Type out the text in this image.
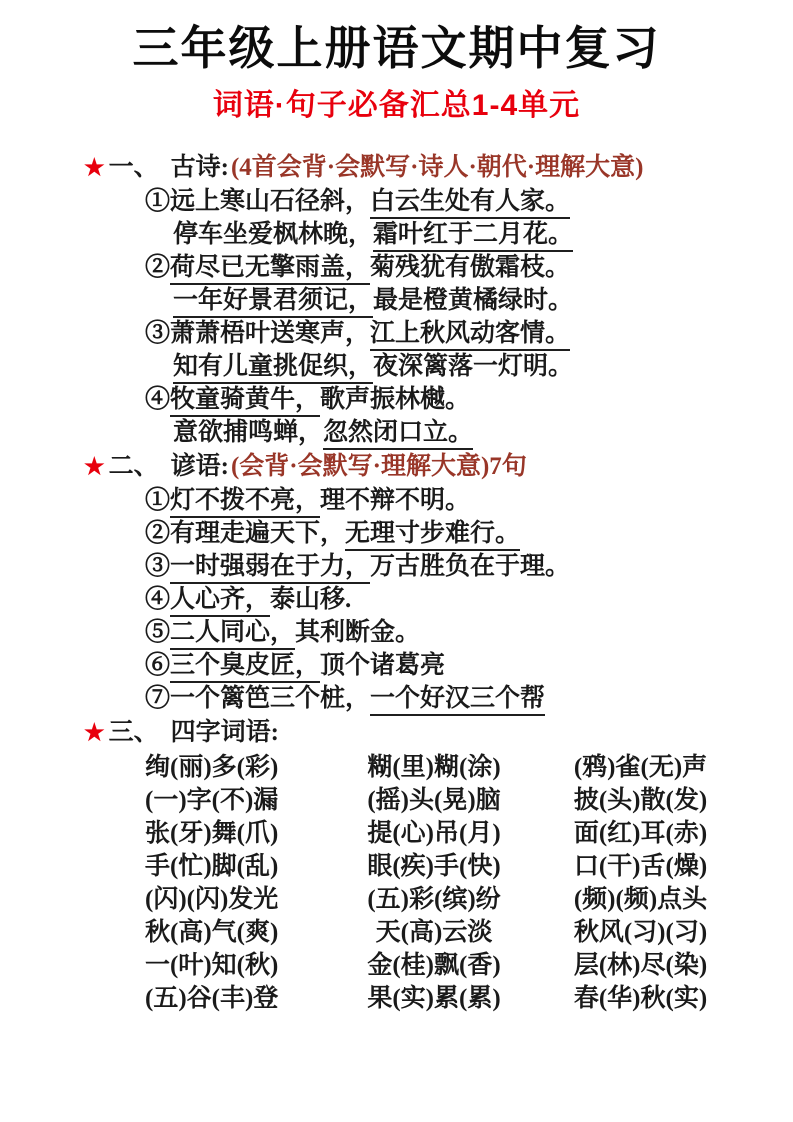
三年级上册语文期中复习
词语·句子必备汇总1-4单元
★ 一、 古诗:(4首会背·会默写·诗人·朝代·理解大意)
①远上寒山石径斜，白云生处有人家。
停车坐爱枫林晚，霜叶红于二月花。
②荷尽已无擎雨盖，菊残犹有傲霜枝。
一年好景君须记，最是橙黄橘绿时。
③萧萧梧叶送寒声，江上秋风动客情。
知有儿童挑促织，夜深篱落一灯明。
④牧童骑黄牛，歌声振林樾。
意欲捕鸣蝉，忽然闭口立。
★ 二、 谚语:(会背·会默写·理解大意)7句
①灯不拨不亮，理不辩不明。
②有理走遍天下，无理寸步难行。
③一时强弱在于力，万古胜负在于理。
④人心齐，泰山移.
⑤二人同心，其利断金。
⑥三个臭皮匠，顶个诸葛亮
⑦一个篱笆三个桩，一个好汉三个帮
★ 三、 四字词语:
绚(丽)多(彩)	糊(里)糊(涂)	(鸦)雀(无)声
(一)字(不)漏	(摇)头(晃)脑	披(头)散(发)
张(牙)舞(爪)	提(心)吊(月)	面(红)耳(赤)
手(忙)脚(乱)	眼(疾)手(快)	口(干)舌(燥)
(闪)(闪)发光	(五)彩(缤)纷	(频)(频)点头
秋(高)气(爽)	天(高)云淡	秋风(习)(习)
一(叶)知(秋)	金(桂)飘(香)	层(林)尽(染)
(五)谷(丰)登	果(实)累(累)	春(华)秋(实)
